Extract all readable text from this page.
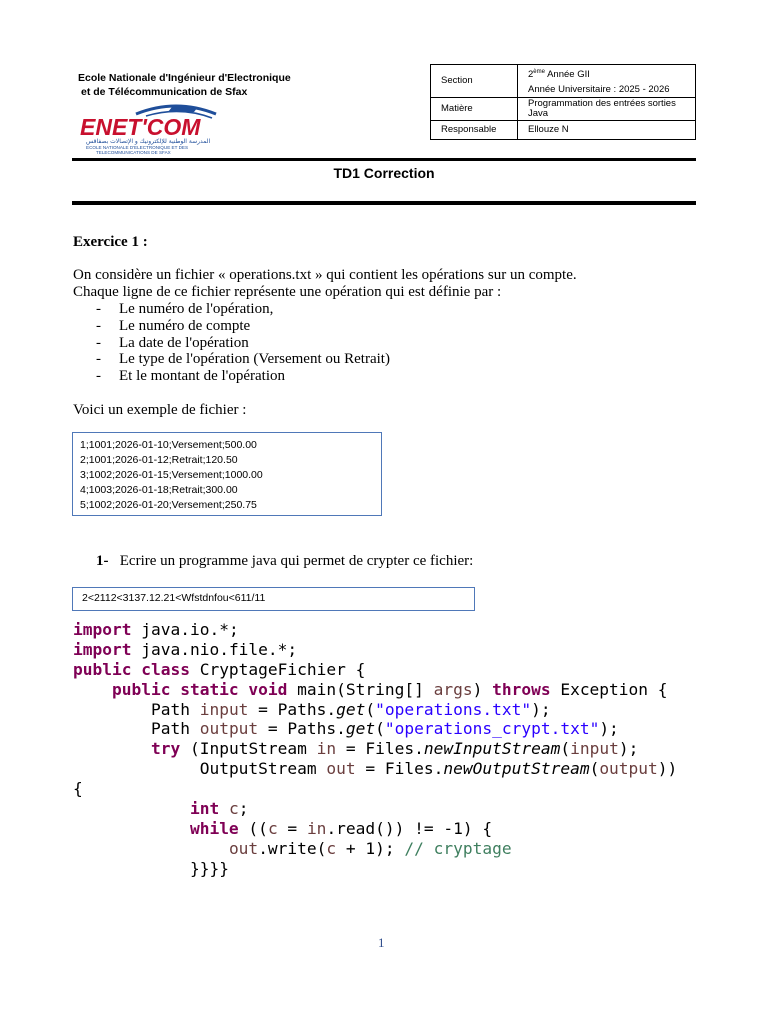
Ecole Nationale d'Ingénieur d'Electronique
et de Télécommunication de Sfax
ENET'COM
المدرسة الوطنية للإلكترونيك و الإتصالات بصفاقس
ECOLE NATIONALE D'ELECTRONIQUE ET DES
TELECOMMUNICATIONS DE SFAX
Section	2ème Année GII
Année Universitaire : 2025 - 2026

Matière	Programmation des entrées sorties
Java

Responsable	Ellouze N
TD1 Correction
Exercice 1 :
On considère un fichier « operations.txt » qui contient les opérations sur un compte.
Chaque ligne de ce fichier représente une opération qui est définie par :
- Le numéro de l'opération,
- Le numéro de compte
- La date de l'opération
- Le type de l'opération (Versement ou Retrait)
- Et le montant de l'opération
Voici un exemple de fichier :
1;1001;2026-01-10;Versement;500.00
2;1001;2026-01-12;Retrait;120.50
3;1002;2026-01-15;Versement;1000.00
4;1003;2026-01-18;Retrait;300.00
5;1002;2026-01-20;Versement;250.75
1- Ecrire un programme java qui permet de crypter ce fichier:
2<2112<3137.12.21<Wfstdnfou<611/11
import java.io.*;
import java.nio.file.*;
public class CryptageFichier {
public static void main(String[] args) throws Exception {
Path input = Paths.get("operations.txt");
Path output = Paths.get("operations_crypt.txt");
try (InputStream in = Files.newInputStream(input);
OutputStream out = Files.newOutputStream(output))
{
int c;
while ((c = in.read()) != -1) {
out.write(c + 1); // cryptage
}}}}
1
